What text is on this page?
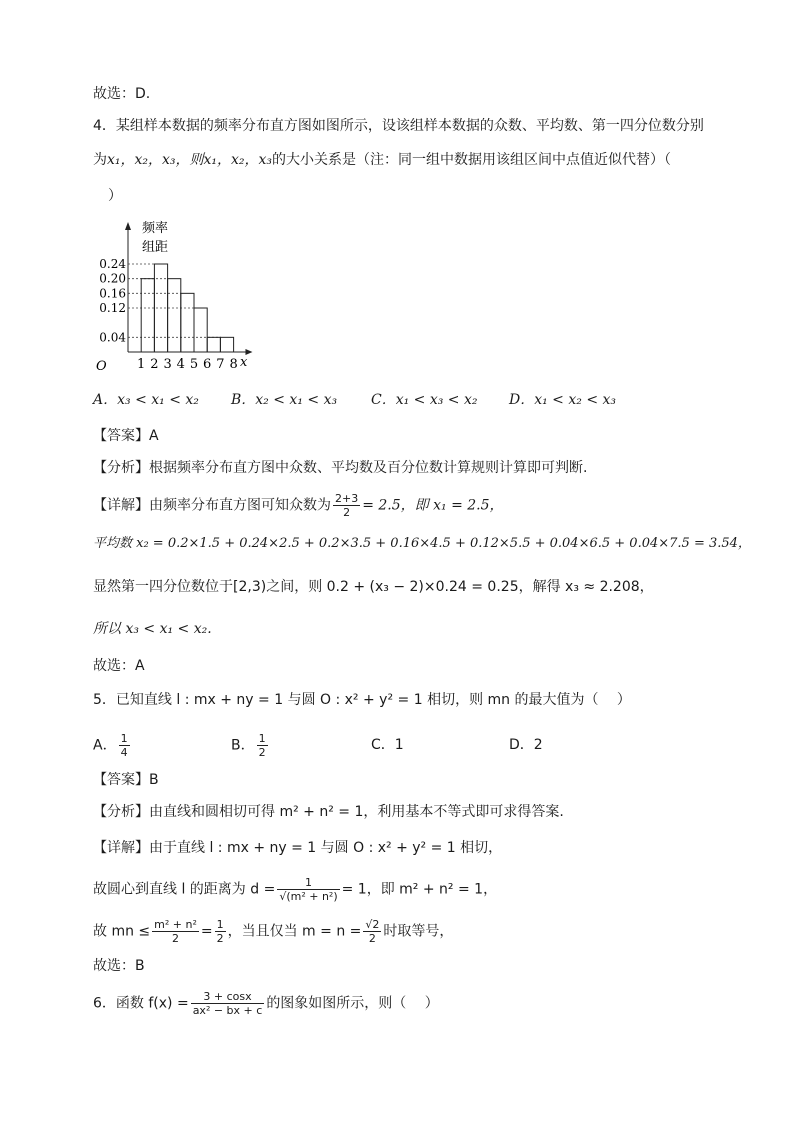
故选：D.
4．某组样本数据的频率分布直方图如图所示，设该组样本数据的众数、平均数、第一四分位数分别
为x₁，x₂，x₃，则x₁，x₂，x₃的大小关系是（注：同一组中数据用该组区间中点值近似代替）（
）
频率
组距
O	x
0.04
0.12
0.16
0.20
0.24
1 2 3 4 5 6 7 8
A．x₃ < x₁ < x₂ B．x₂ < x₁ < x₃ C．x₁ < x₃ < x₂ D．x₁ < x₂ < x₃
【答案】A
【分析】根据频率分布直方图中众数、平均数及百分位数计算规则计算即可判断.
【详解】由频率分布直方图可知众数为 $\frac{2+3}{2} = 2.5$，即 x₁ = 2.5，
平均数 x₂ = 0.2×1.5 + 0.24×2.5 + 0.2×3.5 + 0.16×4.5 + 0.12×5.5 + 0.04×6.5 + 0.04×7.5 = 3.54，
显然第一四分位数位于[2,3)之间，则 0.2 + (x₃ − 2)×0.24 = 0.25，解得 x₃ ≈ 2.208，
所以 x₃ < x₁ < x₂.
故选：A
5．已知直线 l : mx + ny = 1 与圆 O : x² + y² = 1 相切，则 mn 的最大值为（　 ）
A． $\frac{1}{4}$	B． $\frac{1}{2}$	C．1	D．2
【答案】B
【分析】由直线和圆相切可得 m² + n² = 1，利用基本不等式即可求得答案.
【详解】由于直线 l : mx + ny = 1 与圆 O : x² + y² = 1 相切，
故圆心到直线 l 的距离为 $d = \frac{1}{\text{√(m² + n²)}} = 1$，即 m² + n² = 1，
故 mn ≤ $\frac{\text{m² + n²}}{2} = \frac{1}{2}$ ，当且仅当 $m = n = \frac{√2}{2}$ 时取等号，
故选：B
6．函数 $f(x) = \frac{3 + \cos x}{\text{ax² − bx + c}}$ 的图象如图所示，则（　 ）
